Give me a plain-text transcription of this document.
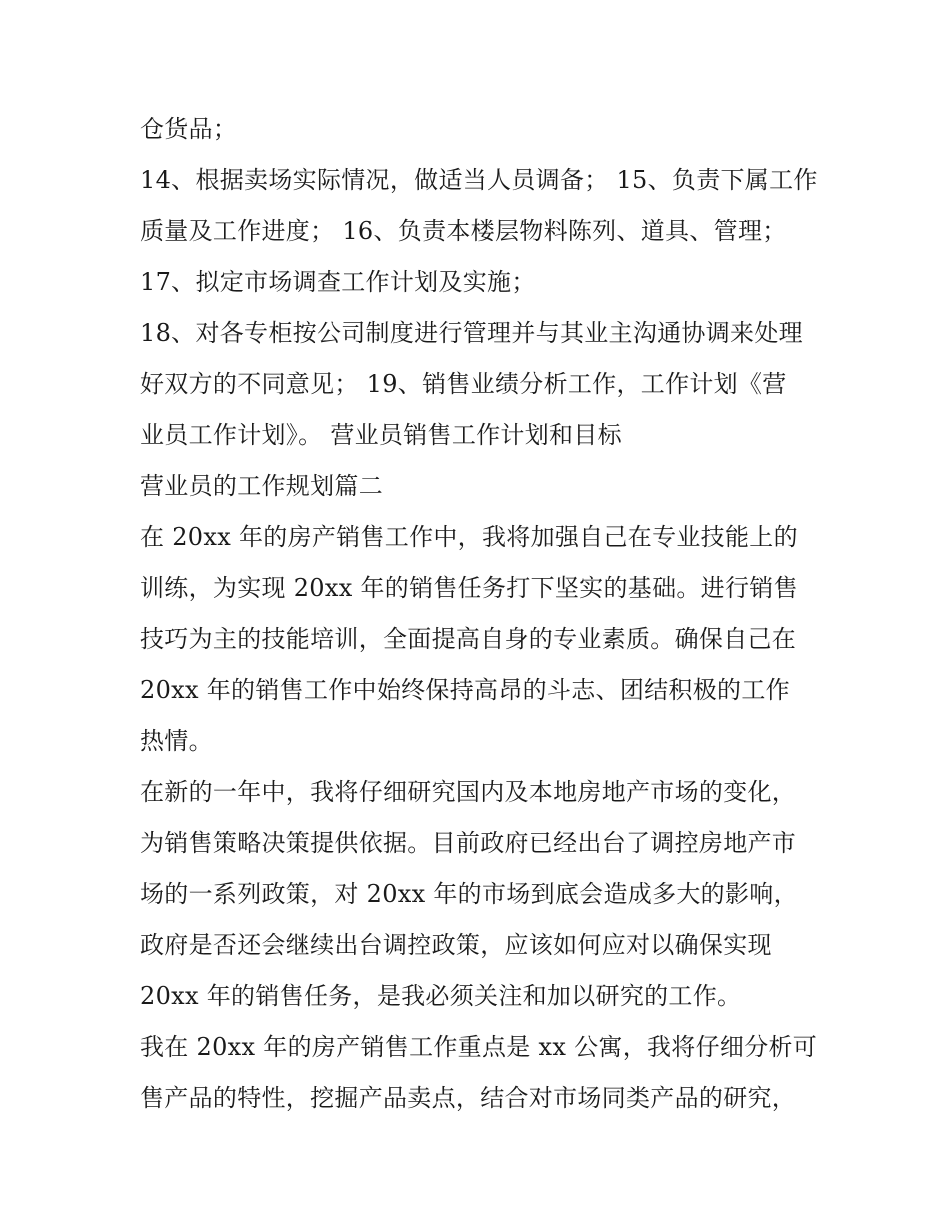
仓货品；
14、根据卖场实际情况，做适当人员调备； 15、负责下属工作
质量及工作进度； 16、负责本楼层物料陈列、道具、管理；
17、拟定市场调查工作计划及实施；
18、对各专柜按公司制度进行管理并与其业主沟通协调来处理
好双方的不同意见； 19、销售业绩分析工作，工作计划《营
业员工作计划》。 营业员销售工作计划和目标
营业员的工作规划篇二
在 20xx 年的房产销售工作中，我将加强自己在专业技能上的
训练，为实现 20xx 年的销售任务打下坚实的基础。进行销售
技巧为主的技能培训，全面提高自身的专业素质。确保自己在
20xx 年的销售工作中始终保持高昂的斗志、团结积极的工作
热情。
在新的一年中，我将仔细研究国内及本地房地产市场的变化，
为销售策略决策提供依据。目前政府已经出台了调控房地产市
场的一系列政策，对 20xx 年的市场到底会造成多大的影响，
政府是否还会继续出台调控政策，应该如何应对以确保实现
20xx 年的销售任务，是我必须关注和加以研究的工作。
我在 20xx 年的房产销售工作重点是 xx 公寓，我将仔细分析可
售产品的特性，挖掘产品卖点，结合对市场同类产品的研究，
